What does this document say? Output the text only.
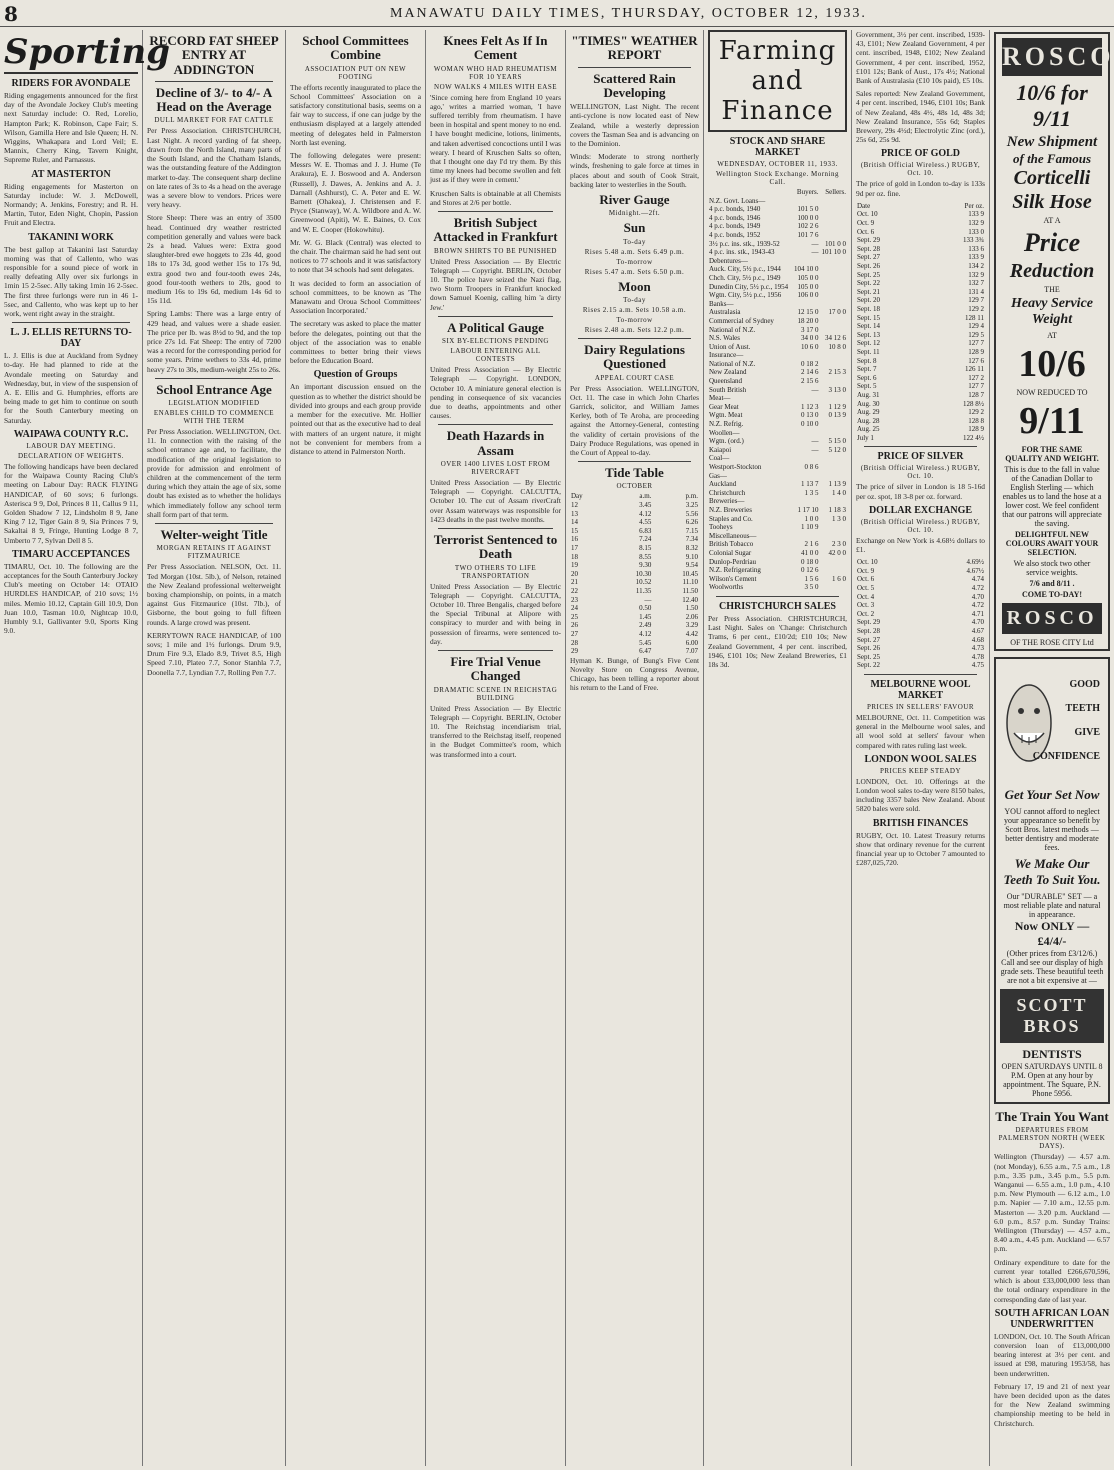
8	MANAWATU DAILY TIMES, THURSDAY, OCTOBER 12, 1933.
Sporting
RIDERS FOR AVONDALE

Riding engagements announced for the first day of the Avondale Jockey Club's meeting next Saturday include: O. Red, Lorelio, Hampton Park; K. Robinson, Cape Fair; S. Wilson, Gamilla Here and Isle Queen; H. N. Wiggins, Whakapara and Lord Veil; E. Mannix, Cherry King, Tavern Knight, Supreme Ruler, and Parnassus.

AT MASTERTON

Riding engagements for Masterton on Saturday include: W. J. McDowell, Normandy; A. Jenkins, Forestry; and R. H. Martin, Tutor, Eden Night, Chopin, Passion Fruit and Electra.

TAKANINI WORK

The best gallop at Takanini last Saturday morning was that of Callento, who was responsible for a sound piece of work in really defeating Ally over six furlongs in 1min 15 2-5sec. Ally taking 1min 16 2-5sec. The first three furlongs were run in 46 1-5sec, and Callento, who was kept up to her work, went right away in the straight.

L. J. ELLIS RETURNS TO-DAY

L. J. Ellis is due at Auckland from Sydney to-day. He had planned to ride at the Avondale meeting on Saturday and Wednesday, but, in view of the suspension of A. E. Ellis and G. Humphries, efforts are being made to get him to continue on south for the South Canterbury meeting on Saturday.

WAIPAWA COUNTY R.C.
LABOUR DAY MEETING.
DECLARATION OF WEIGHTS.

The following handicaps have been declared for the Waipawa County Racing Club's meeting on Labour Day: RACK FLYING HANDICAP, of 60 sovs; 6 furlongs. Asterisca 9 9, Dol, Princes 8 11, Callus 9 11, Golden Shadow 7 12, Lindsholm 8 9, Jane King 7 12, Tiger Gain 8 9, Sia Princes 7 9, Sakaltai 8 9, Fringe, Hunting Lodge 8 7, Umberto 7 7, Sylvan Dell 8 5.

TIMARU ACCEPTANCES

TIMARU, Oct. 10. The following are the acceptances for the South Canterbury Jockey Club's meeting on October 14: OTAIO HURDLES HANDICAP, of 210 sovs; 1½ miles. Memio 10.12, Captain Gill 10.9, Don Juan 10.0, Tasman 10.0, Nightcap 10.0, Humbly 9.1, Gallivanter 9.0, Sports King 9.0.

RECORD FAT SHEEP ENTRY AT ADDINGTON
Decline of 3/- to 4/- A Head on the Average
DULL MARKET FOR FAT CATTLE

Per Press Association. CHRISTCHURCH, Last Night. A record yarding of fat sheep, drawn from the North Island, many parts of the South Island, and the Chatham Islands, was the outstanding feature of the Addington market to-day. The consequent sharp decline on late rates of 3s to 4s a head on the average was a severe blow to vendors. Prices were very heavy.

Store Sheep: There was an entry of 3500 head. Continued dry weather restricted competition generally and values were back 2s a head. Values were: Extra good slaughter-bred ewe hoggets to 23s 4d, good 18s to 17s 3d, good wether 15s to 17s 9d, extra good two and four-tooth ewes 24s, good four-tooth wethers to 20s, good to medium 16s to 19s 6d, medium 14s 6d to 15s 11d.

Spring Lambs: There was a large entry of 429 head, and values were a shade easier. The price per lb. was 8½d to 9d, and the top price 27s 1d. Fat Sheep: The entry of 7200 was a record for the corresponding period for some years. Prime wethers to 33s 4d, prime heavy 27s to 30s, medium-weight 25s to 26s.

School Entrance Age
LEGISLATION MODIFIED
ENABLES CHILD TO COMMENCE WITH THE TERM

Per Press Association. WELLINGTON, Oct. 11. In connection with the raising of the school entrance age and, to facilitate, the modification of the original legislation to provide for admission and enrolment of children at the commencement of the term during which they attain the age of six, some doubt has existed as to whether the holidays which immediately follow any school term shall form part of that term.

Welter-weight Title
MORGAN RETAINS IT AGAINST FITZMAURICE

Per Press Association. NELSON, Oct. 11. Ted Morgan (10st. 5lb.), of Nelson, retained the New Zealand professional welterweight boxing championship, on points, in a match against Gus Fitzmaurice (10st. 7lb.), of Gisborne, the bout going to full fifteen rounds. A large crowd was present.

KERRYTOWN RACE HANDICAP, of 100 sovs; 1 mile and 1½ furlongs. Drum 9.9, Drum Fire 9.3, Elado 8.9, Trivet 8.5, High Speed 7.10, Plateo 7.7, Sonor Stanhla 7.7, Doonella 7.7, Lyndian 7.7, Rolling Pen 7.7.

School Committees Combine
ASSOCIATION PUT ON NEW FOOTING

The efforts recently inaugurated to place the School Committees' Association on a satisfactory constitutional basis, seems on a fair way to success, if one can judge by the enthusiasm displayed at a largely attended meeting of delegates held in Palmerston North last evening.

The following delegates were present: Messrs W. E. Thomas and J. J. Hume (Te Arakura), E. J. Boswood and A. Anderson (Russell), J. Dawes, A. Jenkins and A. J. Darnall (Ashhurst), C. A. Peter and E. W. Barnett (Ohakea), J. Christensen and F. Pryce (Stanway), W. A. Wildbore and A. W. Greenwood (Apiti), W. E. Baines, O. Cox and W. E. Cooper (Hokowhitu).

Mr. W. G. Black (Central) was elected to the chair. The chairman said he had sent out notices to 77 schools and it was satisfactory to note that 34 schools had sent delegates.

It was decided to form an association of school committees, to be known as 'The Manawatu and Oroua School Committees' Association Incorporated.'

The secretary was asked to place the matter before the delegates, pointing out that the object of the association was to enable committees to better bring their views before the Education Board.

Question of Groups

An important discussion ensued on the question as to whether the district should be divided into groups and each group provide a member for the executive. Mr. Hollier pointed out that as the executive had to deal with matters of an urgent nature, it might not be convenient for members from a distance to attend in Palmerston North.

Knees Felt As If In Cement
WOMAN WHO HAD RHEUMATISM FOR 10 YEARS
NOW WALKS 4 MILES WITH EASE

'Since coming here from England 10 years ago,' writes a married woman, 'I have suffered terribly from rheumatism. I have been in hospital and spent money to no end. I have bought medicine, lotions, liniments, and taken advertised concoctions until I was weary. I heard of Kruschen Salts so often, that I thought one day I'd try them. By this time my knees had become swollen and felt just as if they were in cement.'

Kruschen Salts is obtainable at all Chemists and Stores at 2/6 per bottle.

British Subject Attacked in Frankfurt
BROWN SHIRTS TO BE PUNISHED

United Press Association — By Electric Telegraph — Copyright. BERLIN, October 10. The police have seized the Nazi flag, two Storm Troopers in Frankfurt knocked down Samuel Koenig, calling him 'a dirty Jew.'

A Political Gauge
SIX BY-ELECTIONS PENDING
LABOUR ENTERING ALL CONTESTS

United Press Association — By Electric Telegraph — Copyright. LONDON, October 10. A miniature general election is pending in consequence of six vacancies due to deaths, appointments and other causes.

Death Hazards in Assam
OVER 1400 LIVES LOST FROM RIVERCRAFT

United Press Association — By Electric Telegraph — Copyright. CALCUTTA, October 10. The cut of Assam riverCraft over Assam waterways was responsible for 1423 deaths in the past twelve months.

Terrorist Sentenced to Death
TWO OTHERS TO LIFE TRANSPORTATION

United Press Association — By Electric Telegraph — Copyright. CALCUTTA, October 10. Three Bengalis, charged before the Special Tribunal at Alipore with conspiracy to murder and with being in possession of firearms, were sentenced to-day.

Fire Trial Venue Changed
DRAMATIC SCENE IN REICHSTAG BUILDING

United Press Association — By Electric Telegraph — Copyright. BERLIN, October 10. The Reichstag incendiarism trial, transferred to the Reichstag itself, reopened in the Budget Committee's room, which was transformed into a court.

"TIMES" WEATHER REPORT
Scattered Rain Developing

WELLINGTON, Last Night. The recent anti-cyclone is now located east of New Zealand, while a westerly depression covers the Tasman Sea and is advancing on to the Dominion.

Winds: Moderate to strong northerly winds, freshening to gale force at times in places about and south of Cook Strait, backing later to westerlies in the South.

River Gauge
Midnight.—2ft.
Sun
To-day
Rises 5.48 a.m. Sets 6.49 p.m.
To-morrow
Rises 5.47 a.m. Sets 6.50 p.m.
Moon
To-day
Rises 2.15 a.m. Sets 10.58 a.m.
To-morrow
Rises 2.48 a.m. Sets 12.2 p.m.
Dairy Regulations Questioned
APPEAL COURT CASE

Per Press Association. WELLINGTON, Oct. 11. The case in which John Charles Garrick, solicitor, and William James Kerley, both of Te Aroha, are proceeding against the Attorney-General, contesting the validity of certain provisions of the Dairy Produce Regulations, was opened in the Court of Appeal to-day.

Tide Table
OCTOBER
Day	a.m.	p.m.
12	3.45	3.25
13	4.12	5.56
14	4.55	6.26
15	6.83	7.15
16	7.24	7.34
17	8.15	8.32
18	8.55	9.10
19	9.30	9.54
20	10.30	10.45
21	10.52	11.10
22	11.35	11.50
23	—	12.40
24	0.50	1.50
25	1.45	2.06
26	2.49	3.29
27	4.12	4.42
28	5.45	6.00
29	6.47	7.07

Hyman K. Bunge, of Bung's Five Cent Novelty Store on Congress Avenue, Chicago, has been telling a reporter about his return to the Land of Free.

Farming and Finance
STOCK AND SHARE MARKET
WEDNESDAY, OCTOBER 11, 1933.
Wellington Stock Exchange. Morning Call.
	Buyers.	Sellers.
N.Z. Govt. Loans—		
4 p.c. bonds, 1940	101 5 0	
4 p.c. bonds, 1946	100 0 0	
4 p.c. bonds, 1949	102 2 6	
4 p.c. bonds, 1952	101 7 6	
3½ p.c. ins. stk., 1939-52	—	101 0 0
4 p.c. ins. stk., 1943-43	—	101 10 0
Debentures—		
Auck. City, 5½ p.c., 1944	104 10 0	
Chch. City, 5½ p.c., 1949	105 0 0	
Dunedin City, 5½ p.c., 1954	105 0 0	
Wgtn. City, 5½ p.c., 1956	106 0 0	
Banks—		
Australasia	12 15 0	17 0 0
Commercial of Sydney	18 20 0	
National of N.Z.	3 17 0	
N.S. Wales	34 0 0	34 12 6
Union of Aust.	10 6 0	10 8 0
Insurance—		
National of N.Z.	0 18 2	
New Zealand	2 14 6	2 15 3
Queensland	2 15 6	
South British	—	3 13 0
Meat—		
Gear Meat	1 12 3	1 12 9
Wgtn. Meat	0 13 0	0 13 9
N.Z. Refrig.	0 10 0	
Woollen—		
Wgtn. (ord.)	—	5 15 0
Kaiapoi	—	5 12 0
Coal—		
Westport-Stockton	0 8 6	
Gas—		
Auckland	1 13 7	1 13 9
Christchurch	1 3 5	1 4 0
Breweries—		
N.Z. Breweries	1 17 10	1 18 3
Staples and Co.	1 0 0	1 3 0
Tooheys	1 10 9	
Miscellaneous—		
British Tobacco	2 1 6	2 3 0
Colonial Sugar	41 0 0	42 0 0
Dunlop-Perdriau	0 18 0	
N.Z. Refrigerating	0 12 6	
Wilson's Cement	1 5 6	1 6 0
Woolworths	3 5 0	
CHRISTCHURCH SALES

Per Press Association. CHRISTCHURCH, Last Night. Sales on 'Change: Christchurch Trams, 6 per cent., £10/2d; £10 10s; New Zealand Government, 4 per cent. inscribed, 1946, £101 10s; New Zealand Breweries, £1 18s 3d.

Government, 3½ per cent. inscribed, 1939-43, £101; New Zealand Government, 4 per cent. inscribed, 1948, £102; New Zealand Government, 4 per cent. inscribed, 1952, £101 12s; Bank of Aust., 17s 4½; National Bank of Australasia (£10 10s paid), £5 10s.

Sales reported: New Zealand Government, 4 per cent. inscribed, 1946, £101 10s; Bank of New Zealand, 48s 4½, 48s 1d, 48s 3d; New Zealand Insurance, 55s 6d; Staples Brewery, 29s 4½d; Electrolytic Zinc (ord.), 25s 6d, 25s 9d.

PRICE OF GOLD
(British Official Wireless.) RUGBY, Oct. 10.

The price of gold in London to-day is 133s 9d per oz. fine.

Date	Per oz.
Oct. 10	133 9
Oct. 9	132 9
Oct. 6	133 0
Sept. 29	133 3¾
Sept. 28	133 6
Sept. 27	133 9
Sept. 26	134 2
Sept. 25	132 9
Sept. 22	132 7
Sept. 21	131 4
Sept. 20	129 7
Sept. 18	129 2
Sept. 15	128 11
Sept. 14	129 4
Sept. 13	129 5
Sept. 12	127 7
Sept. 11	128 9
Sept. 8	127 6
Sept. 7	126 11
Sept. 6	127 2
Sept. 5	127 7
Aug. 31	128 7
Aug. 30	128 8½
Aug. 29	129 2
Aug. 28	128 8
Aug. 25	128 9
July 1	122 4½
PRICE OF SILVER
(British Official Wireless.) RUGBY, Oct. 10.

The price of silver in London is 18 5-16d per oz. spot, 18 3-8 per oz. forward.

DOLLAR EXCHANGE
(British Official Wireless.) RUGBY, Oct. 10.

Exchange on New York is 4.68½ dollars to £1.

Oct. 10	4.69½
Oct. 9	4.67½
Oct. 6	4.74
Oct. 5	4.72
Oct. 4	4.70
Oct. 3	4.72
Oct. 2	4.71
Sept. 29	4.70
Sept. 28	4.67
Sept. 27	4.68
Sept. 26	4.73
Sept. 25	4.78
Sept. 22	4.75
MELBOURNE WOOL MARKET
PRICES IN SELLERS' FAVOUR

MELBOURNE, Oct. 11. Competition was general in the Melbourne wool sales, and all wool sold at sellers' favour when compared with rates ruling last week.

LONDON WOOL SALES
PRICES KEEP STEADY

LONDON, Oct. 10. Offerings at the London wool sales to-day were 8150 bales, including 3357 bales New Zealand. About 5820 bales were sold.

BRITISH FINANCES

RUGBY, Oct. 10. Latest Treasury returns show that ordinary revenue for the current financial year up to October 7 amounted to £287,025,720.

ROSCO
10/6 for 9/11
New Shipment
of the Famous
Corticelli
Silk Hose
AT A
Price
Reduction
THE
Heavy Service Weight
AT
10/6
NOW REDUCED TO
9/11
FOR THE SAME QUALITY AND WEIGHT.
This is due to the fall in value of the Canadian Dollar to English Sterling — which enables us to land the hose at a lower cost. We feel confident that our patrons will appreciate the saving.
DELIGHTFUL NEW COLOURS AWAIT YOUR SELECTION.
We also stock two other service weights.
7/6 and 8/11 .
COME TO-DAY!
ROSCO
OF THE ROSE CITY Ltd
GOOD
TEETH
GIVE
CONFIDENCE
Get Your Set Now
YOU cannot afford to neglect your appearance so benefit by Scott Bros. latest methods — better dentistry and moderate fees.
We Make Our Teeth To Suit You.
Our "DURABLE" SET — a most reliable plate and natural in appearance.
Now ONLY — £4/4/-
(Other prices from £3/12/6.)
Call and see our display of high grade sets. These beautiful teeth are not a bit expensive at —
SCOTT BROS
DENTISTS
OPEN SATURDAYS UNTIL 8 P.M. Open at any hour by appointment. The Square, P.N. Phone 5956.
The Train You Want
DEPARTURES FROM PALMERSTON NORTH (WEEK DAYS).

Wellington (Thursday) — 4.57 a.m. (not Monday), 6.55 a.m., 7.5 a.m., 1.8 p.m., 3.35 p.m., 3.45 p.m., 5.5 p.m. Wanganui — 6.55 a.m., 1.0 p.m., 4.10 p.m. New Plymouth — 6.12 a.m., 1.0 p.m. Napier — 7.10 a.m., 12.55 p.m. Masterton — 3.20 p.m. Auckland — 6.0 p.m., 8.57 p.m. Sunday Trains: Wellington (Thursday) — 4.57 a.m., 8.40 a.m., 4.45 p.m. Auckland — 6.57 p.m.

Ordinary expenditure to date for the current year totalled £266,670,596, which is about £33,000,000 less than the total ordinary expenditure in the corresponding date of last year.

SOUTH AFRICAN LOAN UNDERWRITTEN

LONDON, Oct. 10. The South African conversion loan of £13,000,000 bearing interest at 3½ per cent. and issued at £98, maturing 1953/58, has been underwritten.

February 17, 19 and 21 of next year have been decided upon as the dates for the New Zealand swimming championship meeting to be held in Christchurch.
